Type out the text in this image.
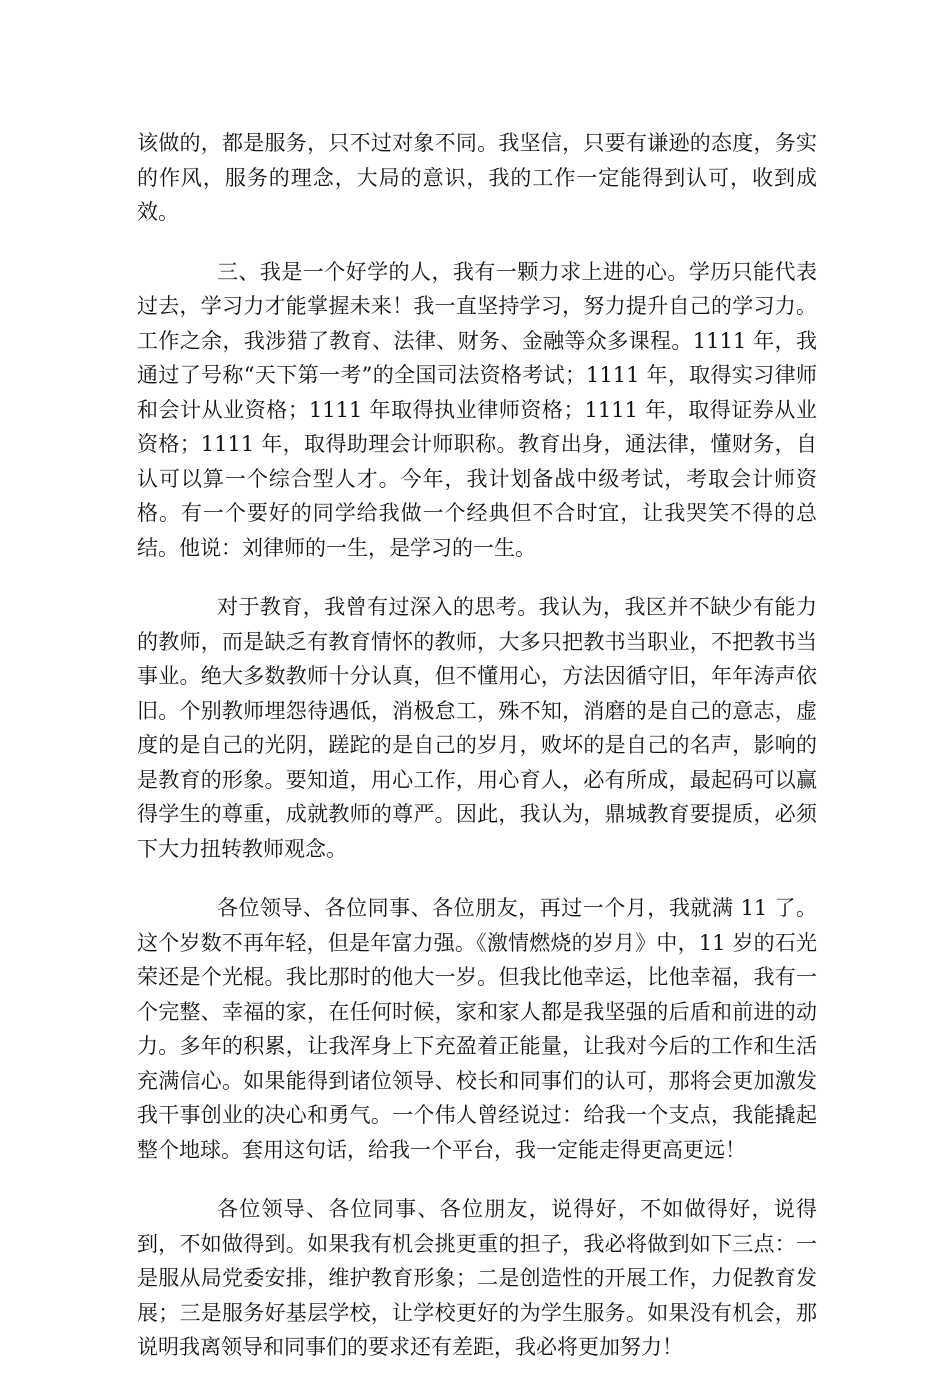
该做的，都是服务，只不过对象不同。我坚信，只要有谦逊的态度，务实的作风，服务的理念，大局的意识，我的工作一定能得到认可，收到成效。

三、我是一个好学的人，我有一颗力求上进的心。学历只能代表过去，学习力才能掌握未来！我一直坚持学习，努力提升自己的学习力。工作之余，我涉猎了教育、法律、财务、金融等众多课程。1111 年，我通过了号称“天下第一考”的全国司法资格考试；1111 年，取得实习律师和会计从业资格；1111 年取得执业律师资格；1111 年，取得证券从业资格；1111 年，取得助理会计师职称。教育出身，通法律，懂财务，自认可以算一个综合型人才。今年，我计划备战中级考试，考取会计师资格。有一个要好的同学给我做一个经典但不合时宜，让我哭笑不得的总结。他说：刘律师的一生，是学习的一生。

对于教育，我曾有过深入的思考。我认为，我区并不缺少有能力的教师，而是缺乏有教育情怀的教师，大多只把教书当职业，不把教书当事业。绝大多数教师十分认真，但不懂用心，方法因循守旧，年年涛声依旧。个别教师埋怨待遇低，消极怠工，殊不知，消磨的是自己的意志，虚度的是自己的光阴，蹉跎的是自己的岁月，败坏的是自己的名声，影响的是教育的形象。要知道，用心工作，用心育人，必有所成，最起码可以赢得学生的尊重，成就教师的尊严。因此，我认为，鼎城教育要提质，必须下大力扭转教师观念。

各位领导、各位同事、各位朋友，再过一个月，我就满 11 了。这个岁数不再年轻，但是年富力强。《激情燃烧的岁月》中，11 岁的石光荣还是个光棍。我比那时的他大一岁。但我比他幸运，比他幸福，我有一个完整、幸福的家，在任何时候，家和家人都是我坚强的后盾和前进的动力。多年的积累，让我浑身上下充盈着正能量，让我对今后的工作和生活充满信心。如果能得到诸位领导、校长和同事们的认可，那将会更加激发我干事创业的决心和勇气。一个伟人曾经说过：给我一个支点，我能撬起整个地球。套用这句话，给我一个平台，我一定能走得更高更远！

各位领导、各位同事、各位朋友，说得好，不如做得好，说得到，不如做得到。如果我有机会挑更重的担子，我必将做到如下三点：一是服从局党委安排，维护教育形象；二是创造性的开展工作，力促教育发展；三是服务好基层学校，让学校更好的为学生服务。如果没有机会，那说明我离领导和同事们的要求还有差距，我必将更加努力！
